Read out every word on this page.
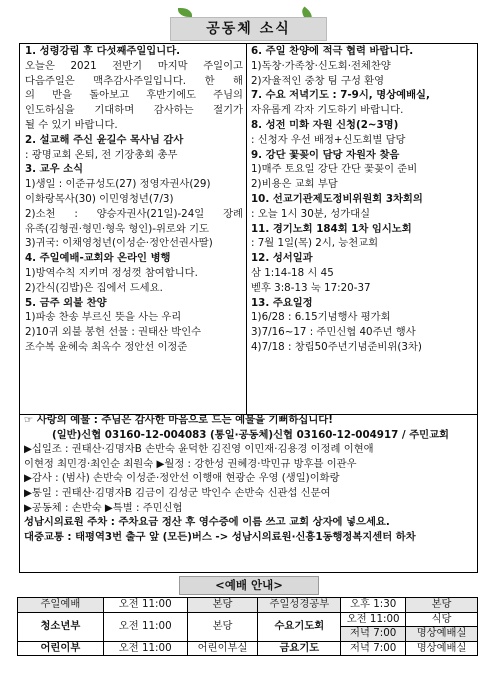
공동체 소식
1. 성령강림 후 다섯째주일입니다.
오늘은 2021 전반기 마지막 주일이고
다음주일은 맥추감사주일입니다. 한 해
의 반을 돌아보고 후반기에도 주님의
인도하심을 기대하며 감사하는 절기가
될 수 있기 바랍니다.
2. 설교해 주신 윤길수 목사님 감사
: 광명교회 온퇴, 전 기장총회 총무
3. 교우 소식
1)생일 : 이준규성도(27) 정영자권사(29)
이화랑목사(30) 이민영청년(7/3)
2)소천 : 양승자권사(21일)-24일 장례
유족(김형권·형민·형욱 형인)-위로와 기도
3)귀국: 이채영청년(이성순·정안선권사딸)
4. 주일예배-교회와 온라인 병행
1)방역수칙 지키며 정성껏 참여합니다.
2)간식(김밥)은 집에서 드세요.
5. 금주 외불 찬양
1)파송 찬송 부르신 뜻을 사는 우리
2)10귀 외불 봉헌 선물 : 권태산 박인수
조수복 윤혜숙 최옥수 정안선 이정준
6. 주일 찬양에 적극 협력 바랍니다.
1)독창·가족창·신도회·전체찬양
2)자율적인 중창 팀 구성 환영
7. 수요 저녁기도 : 7-9시, 명상예배실,
자유롭게 각자 기도하기 바랍니다.
8. 성전 미화 자원 신청(2~3명)
: 신청자 우선 배정+신도회별 담당
9. 강단 꽃꽂이 담당 자원자 찾음
1)매주 토요일 강단 간단 꽃꽂이 준비
2)비용은 교회 부담
10. 선교기관제도정비위원회 3차회의
: 오늘 1시 30분, 성가대실
11. 경기노회 184회 1차 임시노회
: 7월 1일(목) 2시, 능천교회
12. 성서일과
삼 1:14-18 시 45
벧후 3:8-13 눅 17:20-37
13. 주요일정
1)6/28 : 6.15기념행사 평가회
3)7/16~17 : 주민신협 40주년 행사
4)7/18 : 창립50주년기념준비위(3차)
☞ 사랑의 예물 : 주님은 감사한 마음으로 드는 예물을 기뻐하십니다!
(일반)신협 03160-12-004083 (통일·공동체)신협 03160-12-004917 / 주민교회
▶십일조 : 권태산·김명자B 손반숙 윤덕한 김진영 이민재·김용경 이정례 이현애
이현정 최민경·최인순 최원숙 ▶월정 : 강한성 권혜경·박민규 방후블 이관우
▶감사 : (범사) 손반숙 이성준·정안선 이행애 현광순 우영 (생일)이화랑
▶통일 : 권태산·김명자B 김금이 김성군 박인수 손반숙 신관섭 신문여
▶공동체 : 손반숙 ▶특별 : 주민신협
성남시의료원 주차 : 주차요금 정산 후 영수증에 이름 쓰고 교회 상자에 넣으세요.
대중교통 : 태평역3번 출구 앞 (모든)버스 -> 성남시의료원·신흥1동행정복지센터 하차
<예배 안내>
주일예배	오전 11:00	본당	주일성경공부	오후 1:30	본당
청소년부	오전 11:00	본당	수요기도회	오전 11:00	식당
				저녁 7:00	명상예배실
어린이부	오전 11:00	어린이부실	금요기도	저녁 7:00	명상예배실
